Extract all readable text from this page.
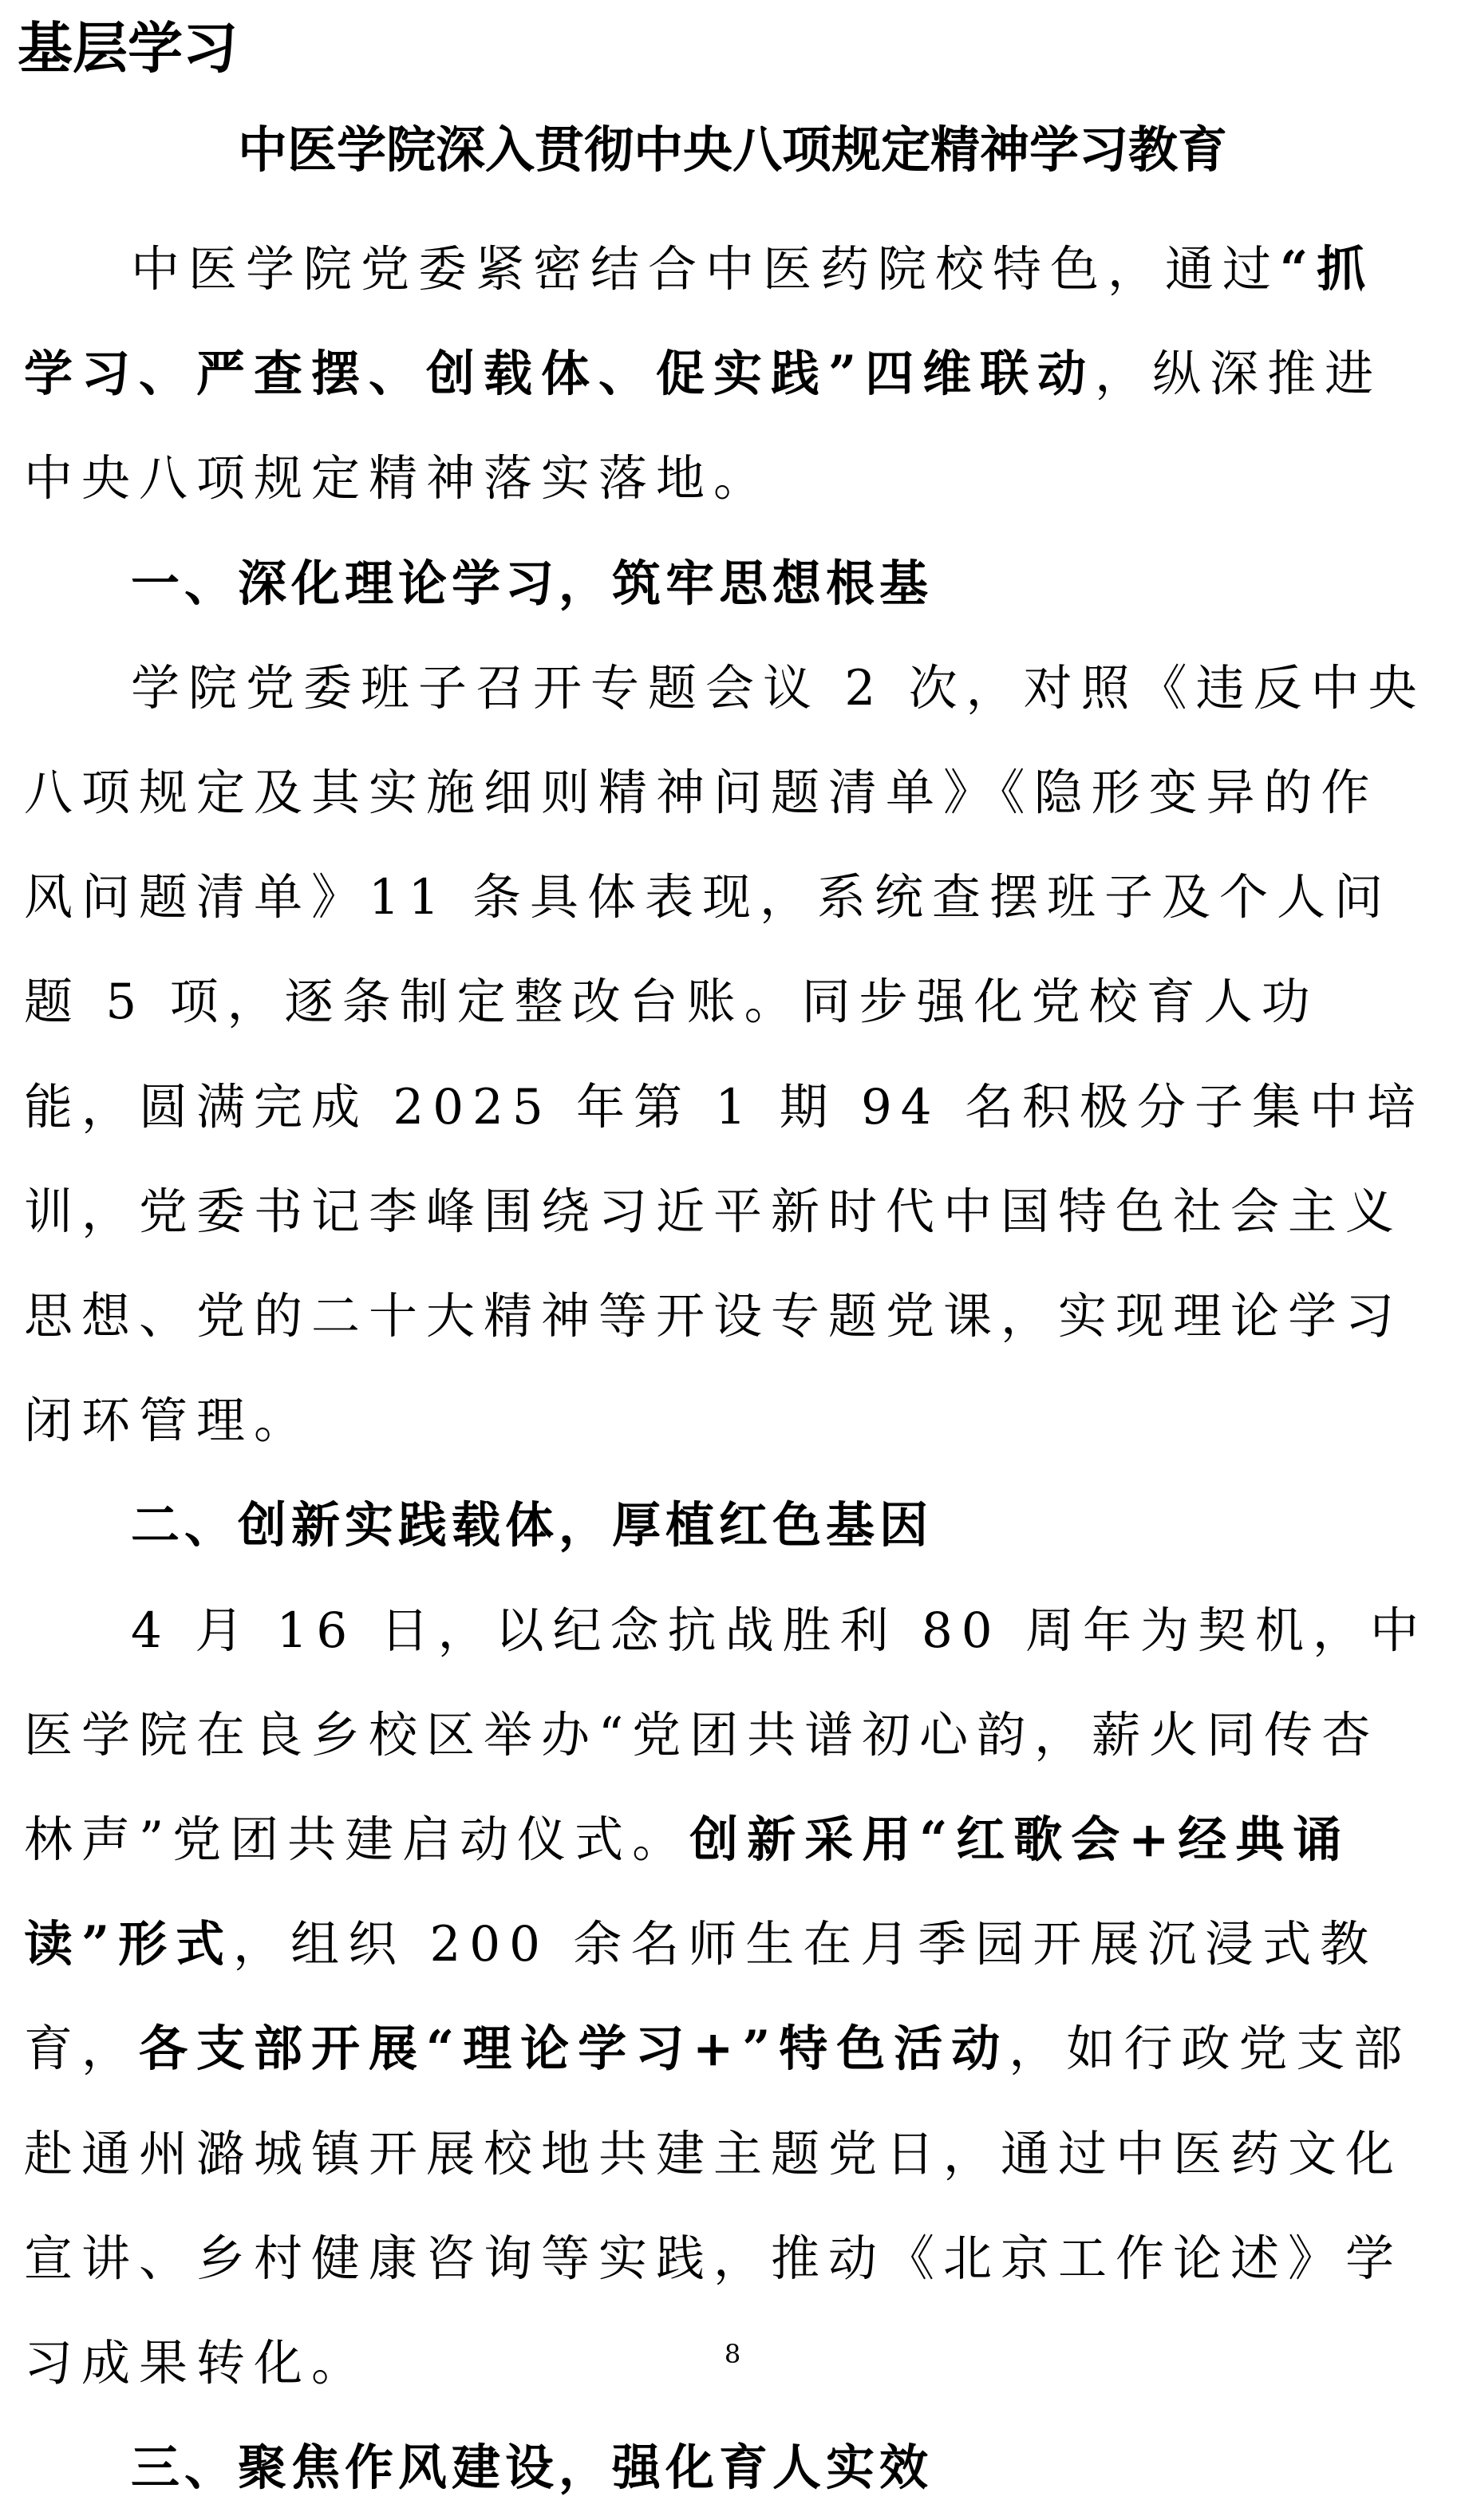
基层学习
中医学院深入贯彻中央八项规定精神学习教育

中医学院党委紧密结合中医药院校特色，通过“抓学习、严查摆、创载体、促实践”四维联动，纵深推进中央八项规定精神落实落地。

一、深化理论学习，筑牢思想根基

学院党委班子召开专题会议 2 次，对照《违反中央八项规定及其实施细则精神问题清单》《隐形变异的作风问题清单》11 条具体表现，系统查摆班子及个人问题 5 项，逐条制定整改台账。同步强化党校育人功能，圆满完成 2025 年第 1 期 94 名积极分子集中培训，党委书记李峰围绕习近平新时代中国特色社会主义思想、党的二十大精神等开设专题党课，实现理论学习闭环管理。

二、创新实践载体，厚植红色基因

4 月 16 日，以纪念抗战胜利 80 周年为契机，中医学院在良乡校区举办“党团共谱初心韵，薪火同传杏林声”党团共建启动仪式。创新采用“红歌会+经典诵读”形式，组织 200 余名师生在月季园开展沉浸式教育，各支部开展“理论学习+”特色活动，如行政党支部赴通州潞城镇开展校地共建主题党日，通过中医药文化宣讲、乡村健康咨询等实践，推动《北京工作论述》学习成果转化。

三、聚焦作风建设，强化育人实效

8
